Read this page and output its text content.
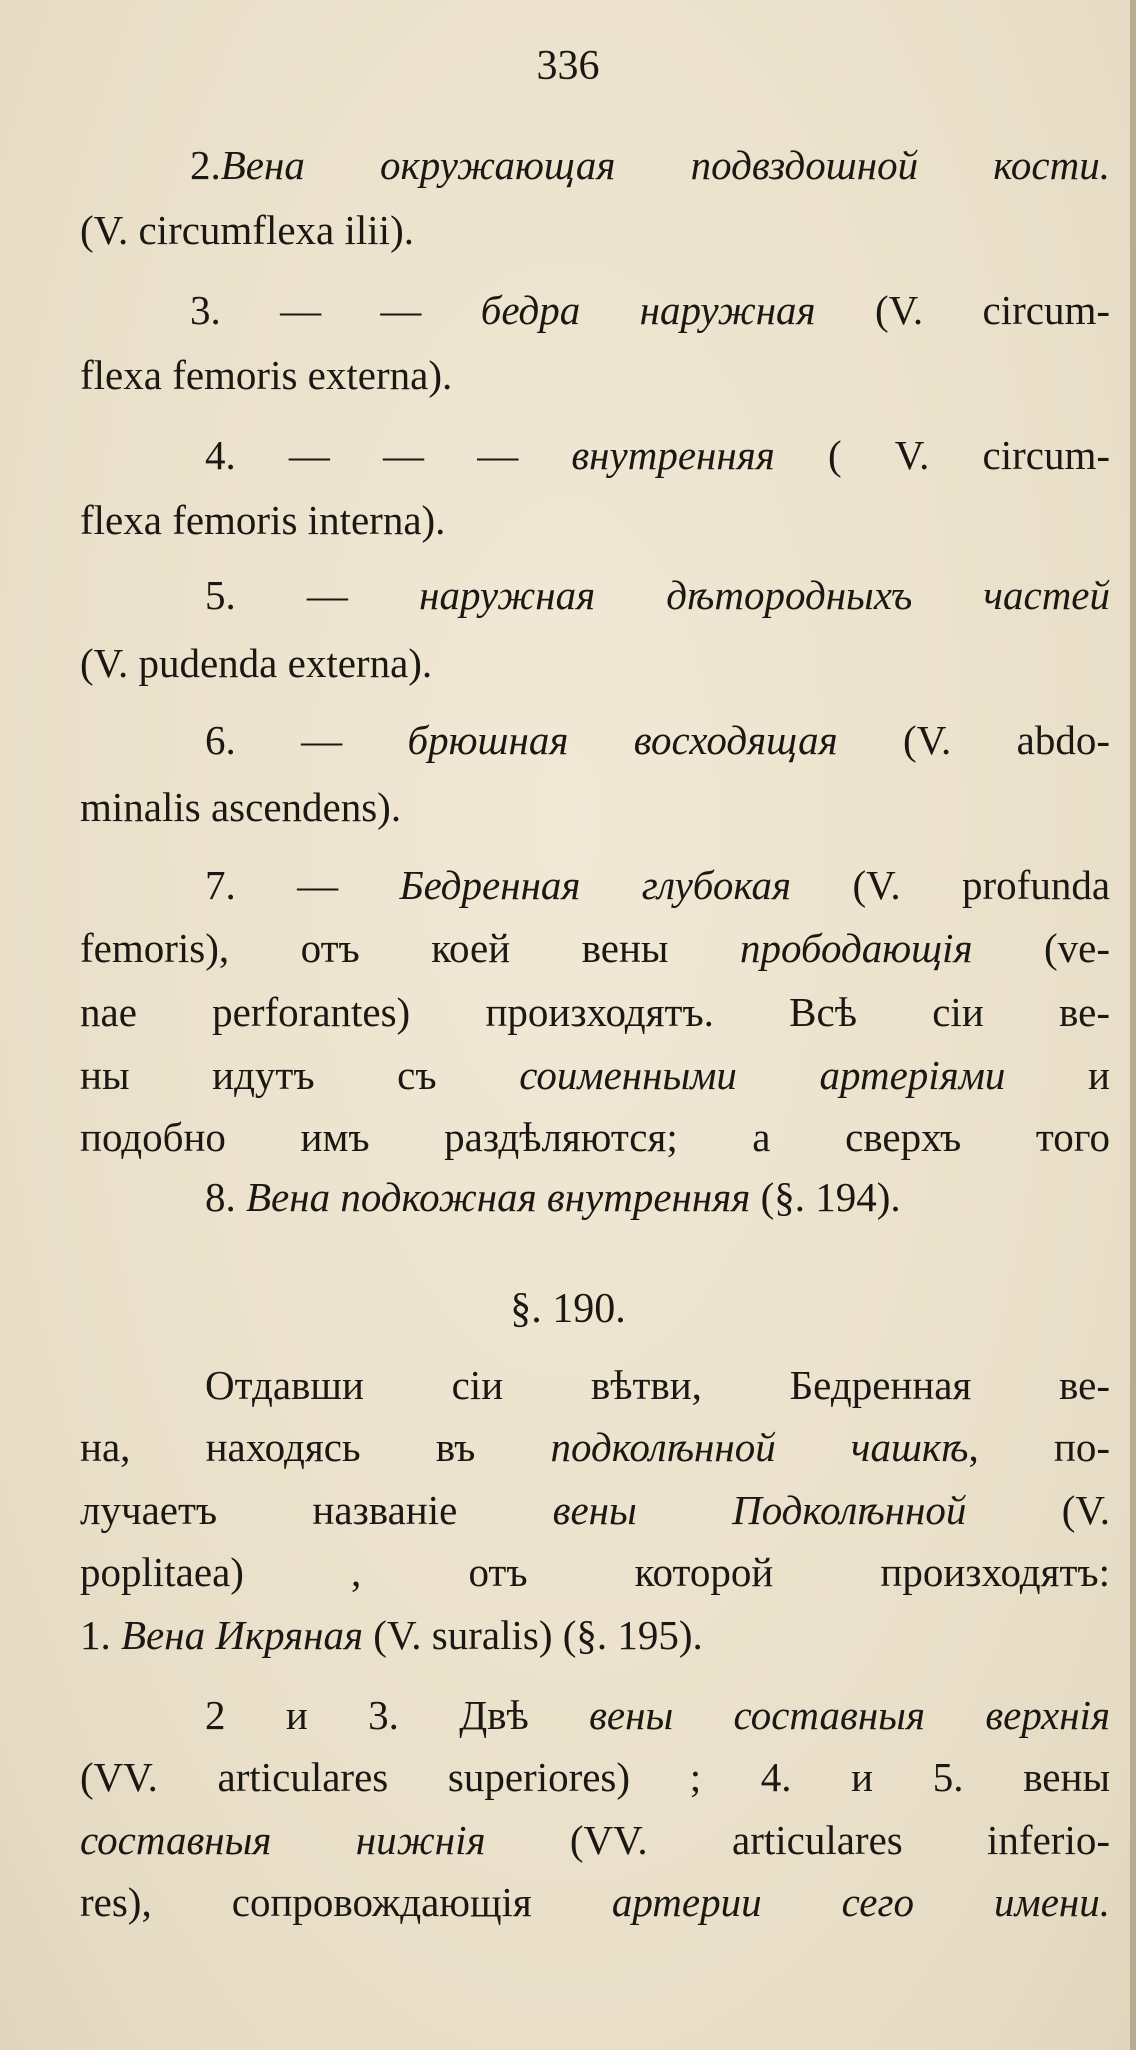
336
2.Вена окружающая подвздошной кости.
(V. circumflexa ilii).
3. — — бедра наружная (V. circum-
flexa femoris externa).
4. — — — внутренняя ( V. circum-
flexa femoris interna).
5. — наружная дѣтородныхъ частей
(V. pudenda externa).
6. — брюшная восходящая (V. abdo-
minalis ascendens).
7. — Бедренная глубокая (V. profunda
femoris), отъ коей вены прободающія (ve-
nae perforantes) произходятъ. Всѣ сіи ве-
ны идутъ съ соименными артеріями и
подобно имъ раздѣляются; а сверхъ того
8. Вена подкожная внутренняя (§. 194).
§. 190.
Отдавши сіи вѣтви, Бедренная ве-
на, находясь въ подколѣнной чашкѣ, по-
лучаетъ названіе вены Подколѣнной (V.
poplitaea) , отъ которой произходятъ:
1. Вена Икряная (V. suralis) (§. 195).
2 и 3. Двѣ вены составныя верхнія
(VV. articulares superiores) ; 4. и 5. вены
составныя нижнія (VV. articulares inferio-
res), сопровождающія артерии сего имени.
